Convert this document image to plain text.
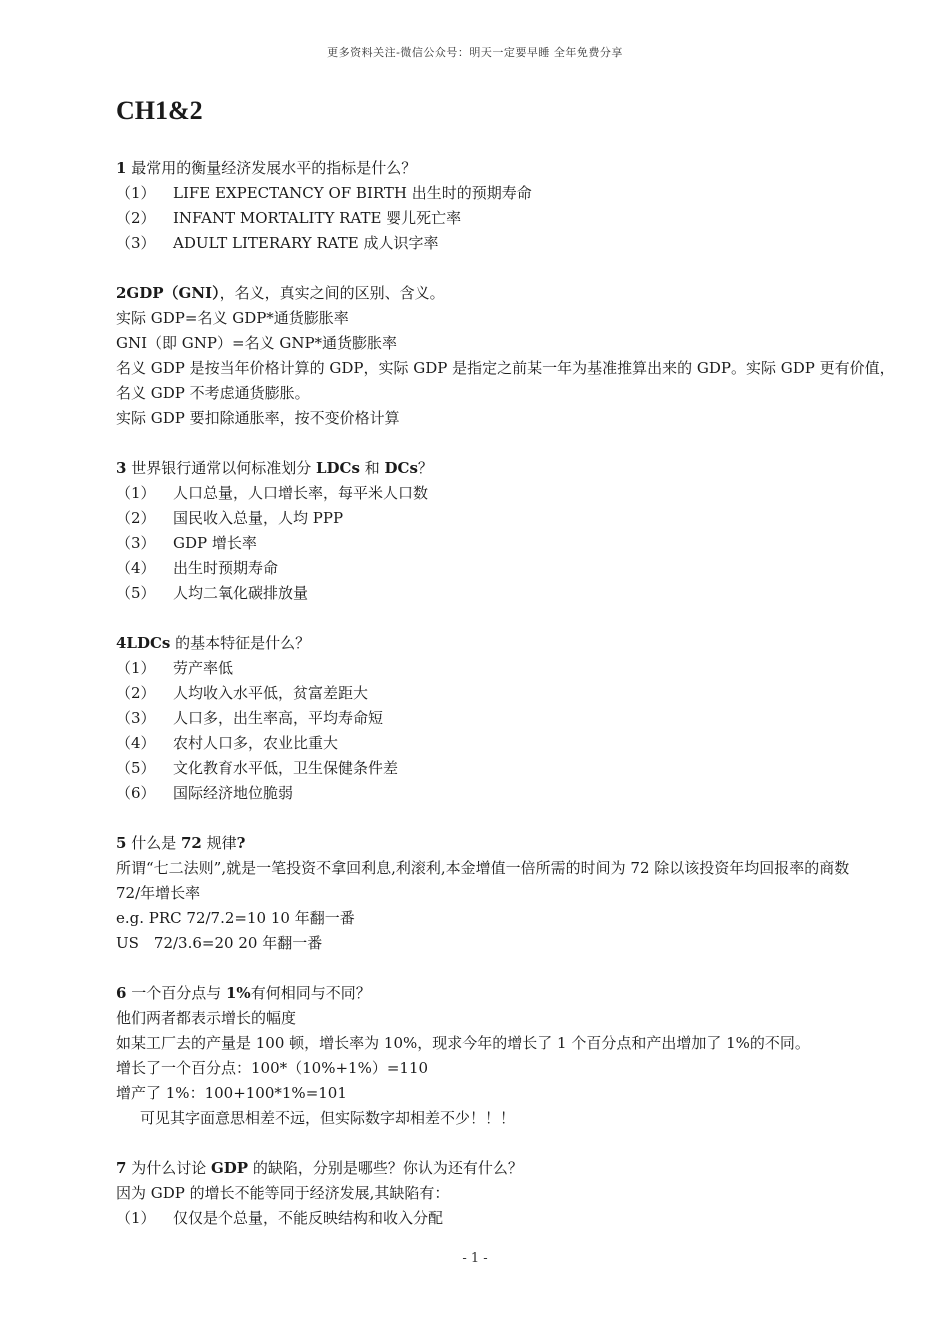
更多资料关注-微信公众号：明天一定要早睡 全年免费分享
CH1&2

1 最常用的衡量经济发展水平的指标是什么？

（1）	LIFE EXPECTANCY OF BIRTH 出生时的预期寿命
（2）	INFANT MORTALITY RATE 婴儿死亡率
（3）	ADULT LITERARY RATE 成人识字率

2GDP（GNI），名义，真实之间的区别、含义。

实际 GDP=名义 GDP*通货膨胀率

GNI（即 GNP）=名义 GNP*通货膨胀率

名义 GDP 是按当年价格计算的 GDP，实际 GDP 是指定之前某一年为基准推算出来的 GDP。实际 GDP 更有价值，

名义 GDP 不考虑通货膨胀。

实际 GDP 要扣除通胀率，按不变价格计算

3 世界银行通常以何标准划分 LDCs 和 DCs？

（1）	人口总量，人口增长率，每平米人口数
（2）	国民收入总量，人均 PPP
（3）	GDP 增长率
（4）	出生时预期寿命
（5）	人均二氧化碳排放量

4LDCs 的基本特征是什么？

（1）	劳产率低
（2）	人均收入水平低，贫富差距大
（3）	人口多，出生率高，平均寿命短
（4）	农村人口多，农业比重大
（5）	文化教育水平低，卫生保健条件差
（6）	国际经济地位脆弱

5 什么是 72 规律?

所谓“七二法则”,就是一笔投资不拿回利息,利滚利,本金增值一倍所需的时间为 72 除以该投资年均回报率的商数

72/年增长率

e.g. PRC 72/7.2=10 10 年翻一番

US　72/3.6=20 20 年翻一番

6 一个百分点与 1%有何相同与不同？

他们两者都表示增长的幅度

如某工厂去的产量是 100 顿，增长率为 10%，现求今年的增长了 1 个百分点和产出增加了 1%的不同。

增长了一个百分点：100*（10%+1%）=110

增产了 1%：100+100*1%=101

可见其字面意思相差不远，但实际数字却相差不少！！！

7 为什么讨论 GDP 的缺陷，分别是哪些？你认为还有什么？

因为 GDP 的增长不能等同于经济发展,其缺陷有：

（1）	仅仅是个总量，不能反映结构和收入分配
- 1 -
